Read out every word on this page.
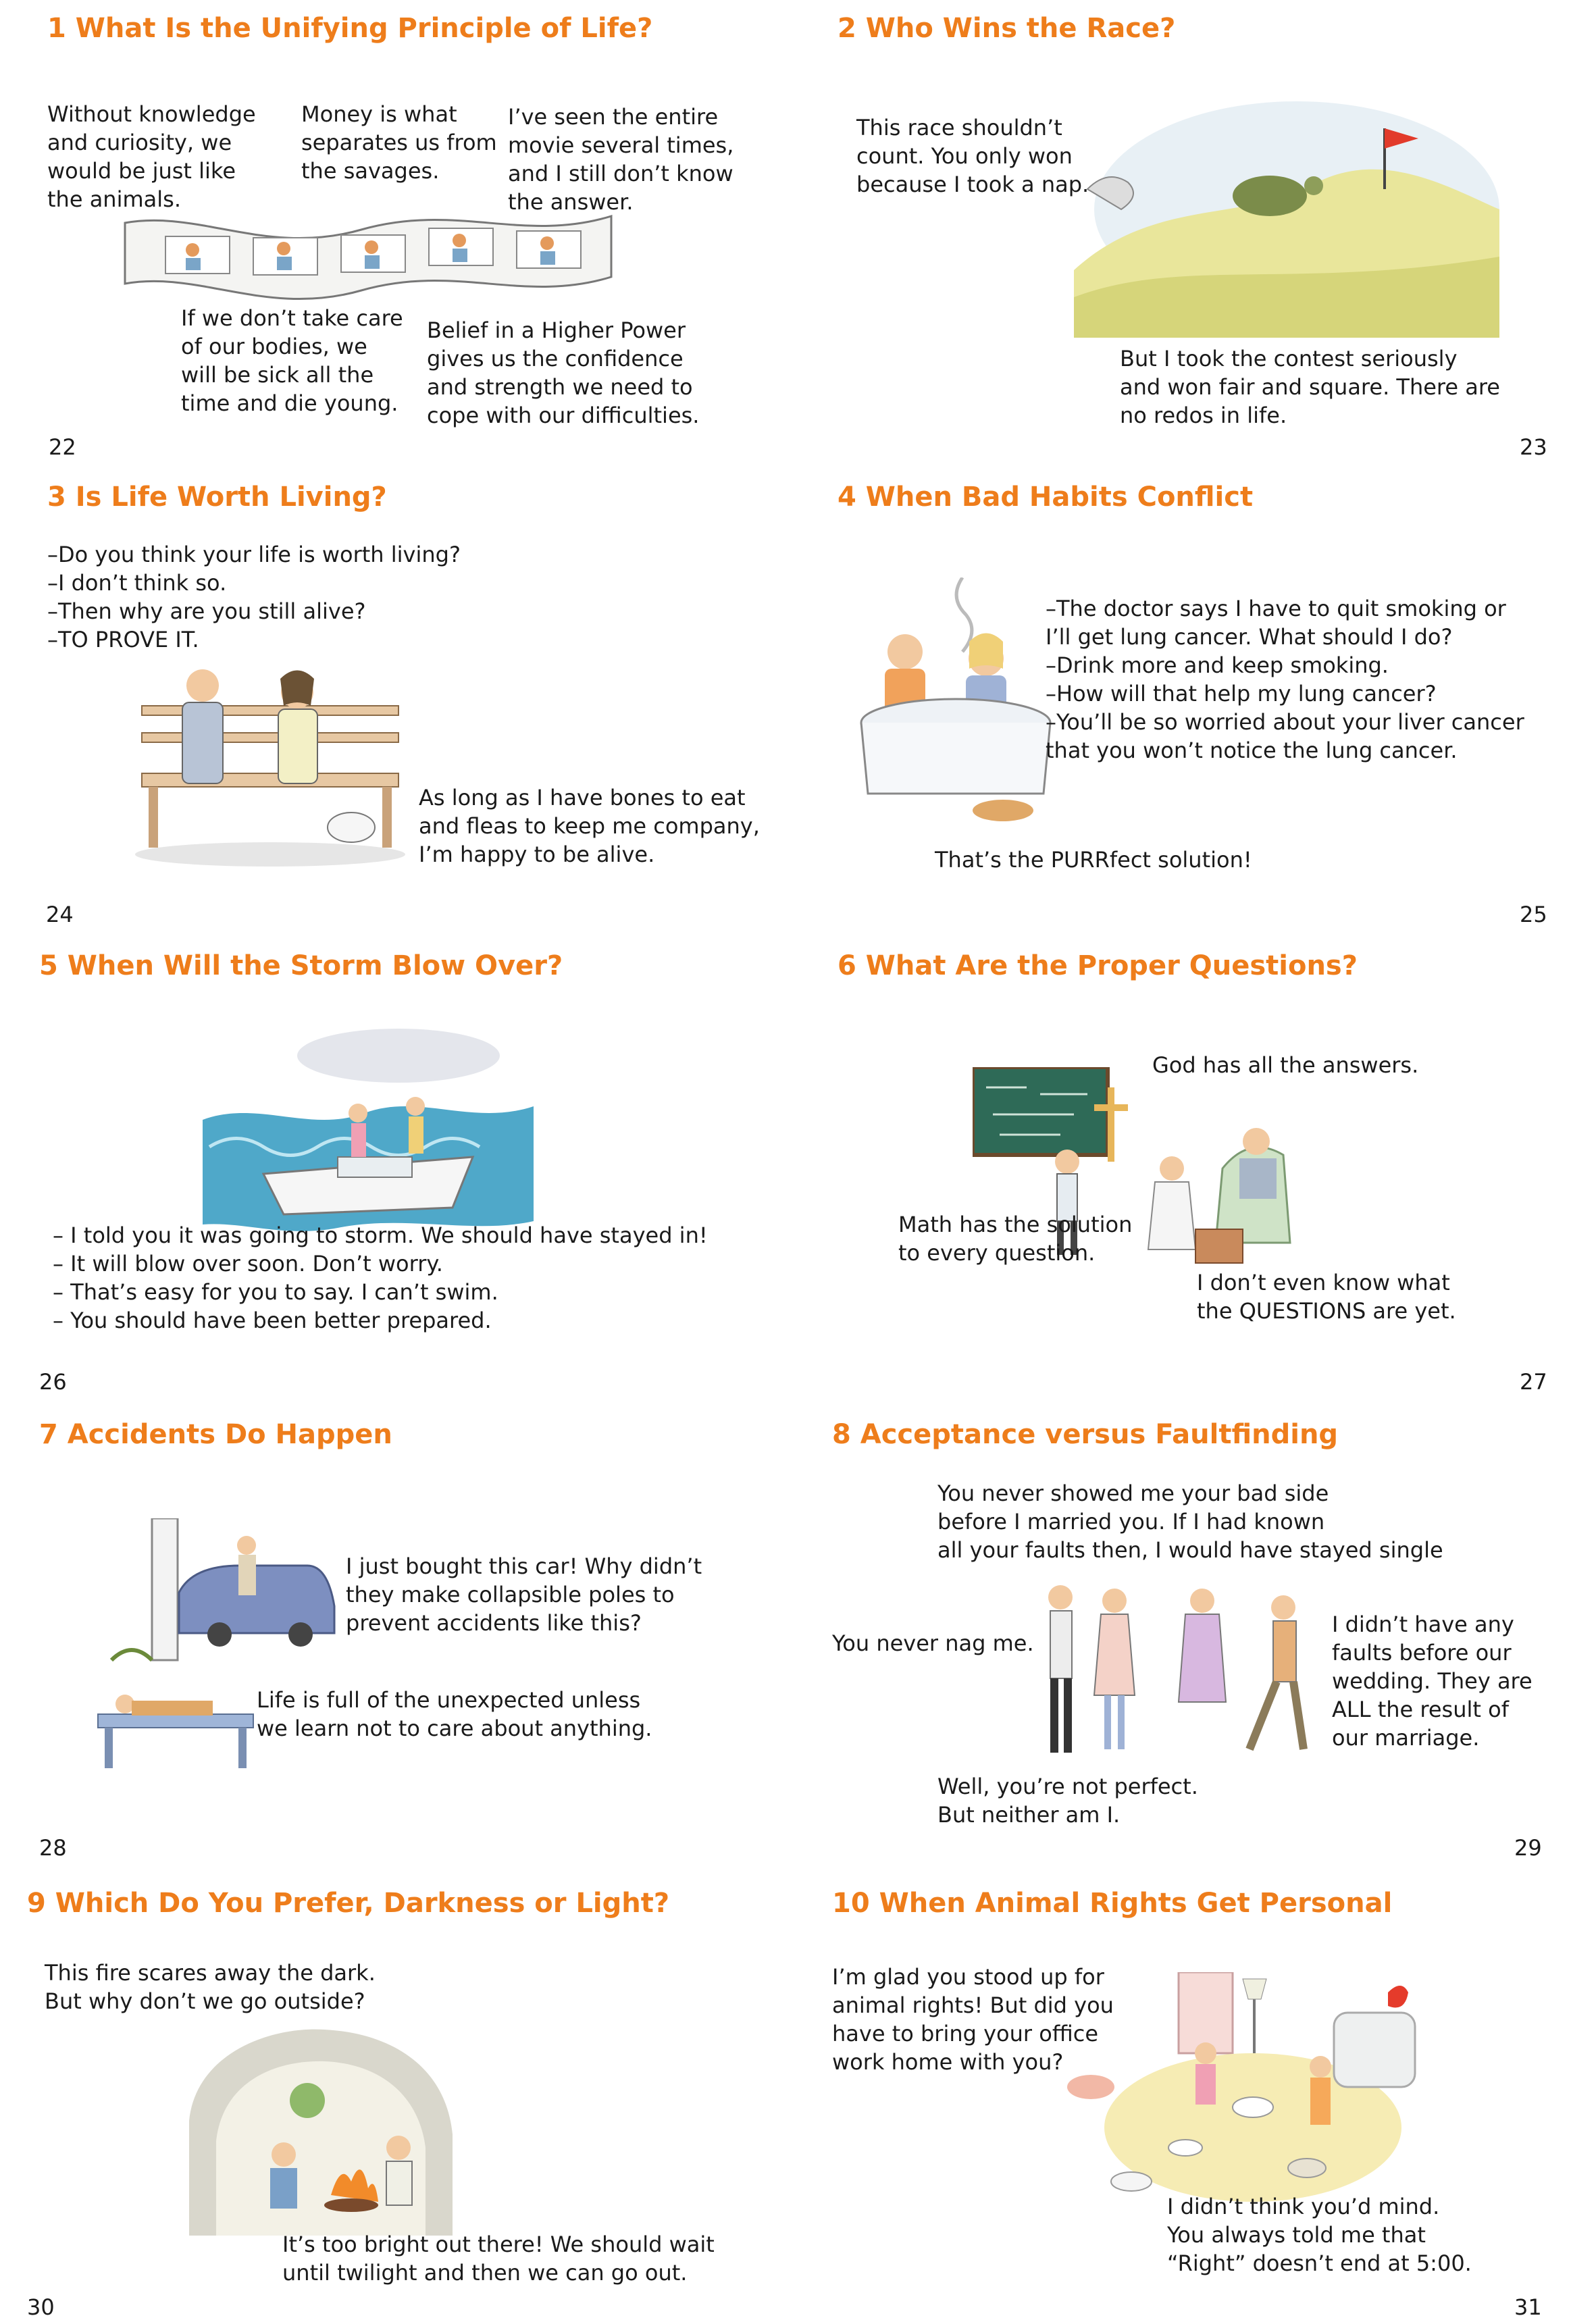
1 What Is the Unifying Principle of Life?
Without knowledge
and curiosity, we
would be just like
the animals.
Money is what
separates us from
the savages.
I’ve seen the entire
movie several times,
and I still don’t know
the answer.
If we don’t take care
of our bodies, we
will be sick all the
time and die young.
Belief in a Higher Power
gives us the confidence
and strength we need to
cope with our difficulties.
22
2 Who Wins the Race?
This race shouldn’t
count. You only won
because I took a nap.
But I took the contest seriously
and won fair and square. There are
no redos in life.
23
3 Is Life Worth Living?
–Do you think your life is worth living?
–I don’t think so.
–Then why are you still alive?
–TO PROVE IT.
As long as I have bones to eat
and fleas to keep me company,
I’m happy to be alive.
24
4 When Bad Habits Conflict
–The doctor says I have to quit smoking or
I’ll get lung cancer. What should I do?
–Drink more and keep smoking.
–How will that help my lung cancer?
–You’ll be so worried about your liver cancer
that you won’t notice the lung cancer.
That’s the PURRfect solution!
25
5 When Will the Storm Blow Over?
– I told you it was going to storm. We should have stayed in!
– It will blow over soon. Don’t worry.
– That’s easy for you to say. I can’t swim.
– You should have been better prepared.
26
6 What Are the Proper Questions?
God has all the answers.
Math has the solution
to every question.
I don’t even know what
the QUESTIONS are yet.
27
7 Accidents Do Happen
I just bought this car! Why didn’t
they make collapsible poles to
prevent accidents like this?
Life is full of the unexpected unless
we learn not to care about anything.
28
8 Acceptance versus Faultfinding
You never showed me your bad side
before I married you. If I had known
all your faults then, I would have stayed single
You never nag me.
I didn’t have any
faults before our
wedding. They are
ALL the result of
our marriage.
Well, you’re not perfect.
But neither am I.
29
9 Which Do You Prefer, Darkness or Light?
This fire scares away the dark.
But why don’t we go outside?
It’s too bright out there! We should wait
until twilight and then we can go out.
30
10 When Animal Rights Get Personal
I’m glad you stood up for
animal rights! But did you
have to bring your office
work home with you?
I didn’t think you’d mind.
You always told me that
“Right” doesn’t end at 5:00.
31
